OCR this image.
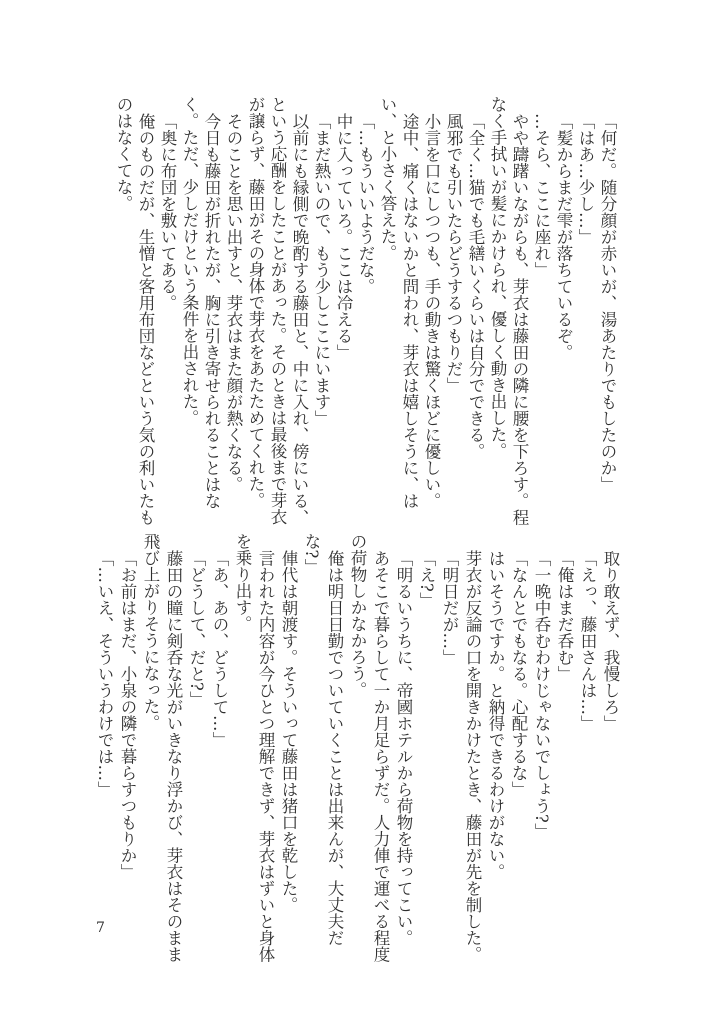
「何だ。随分顔が赤いが、湯あたりでもしたのか」

「はあ…少し…」

「髪からまだ雫が落ちているぞ。

…そら、ここに座れ」

やや躊躇いながらも、芽衣は藤田の隣に腰を下ろす。程なく手拭いが髪にかけられ、優しく動き出した。

「全く…猫でも毛繕いくらいは自分でできる。

風邪でも引いたらどうするつもりだ」

小言を口にしつつも、手の動きは驚くほどに優しい。

途中、痛くはないかと問われ、芽衣は嬉しそうに、はい、と小さく答えた。

「…もういいようだな。

中に入っていろ。ここは冷える」

「まだ熱いので、もう少しここにいます」

以前にも縁側で晩酌する藤田と、中に入れ、傍にいる、という応酬をしたことがあった。そのときは最後まで芽衣が譲らず、藤田がその身体で芽衣をあたためてくれた。

そのことを思い出すと、芽衣はまた顔が熱くなる。

今日も藤田が折れたが、胸に引き寄せられることはなく。ただ、少しだけという条件を出された。

「奥に布団を敷いてある。

俺のものだが、生憎と客用布団などという気の利いたものはなくてな。

取り敢えず、我慢しろ」

「えっ、藤田さんは…」

「俺はまだ呑む」

「一晩中呑むわけじゃないでしょう?」

「なんとでもなる。心配するな」

はいそうですか。と納得できるわけがない。

芽衣が反論の口を開きかけたとき、藤田が先を制した。

「明日だが…」

「え?」

「明るいうちに、帝國ホテルから荷物を持ってこい。

あそこで暮らして一か月足らずだ。人力俥で運べる程度の荷物しかなかろう。

俺は明日日勤でついていくことは出来んが、大丈夫だな?」

俥代は朝渡す。そういって藤田は猪口を乾した。

言われた内容が今ひとつ理解できず、芽衣はずいと身体を乗り出す。

「あ、あの、どうして…」

「どうして、だと?」

藤田の瞳に剣呑な光がいきなり浮かび、芽衣はそのまま飛び上がりそうになった。

「お前はまだ、小泉の隣で暮らすつもりか」

「…いえ、そういうわけでは…」

7
